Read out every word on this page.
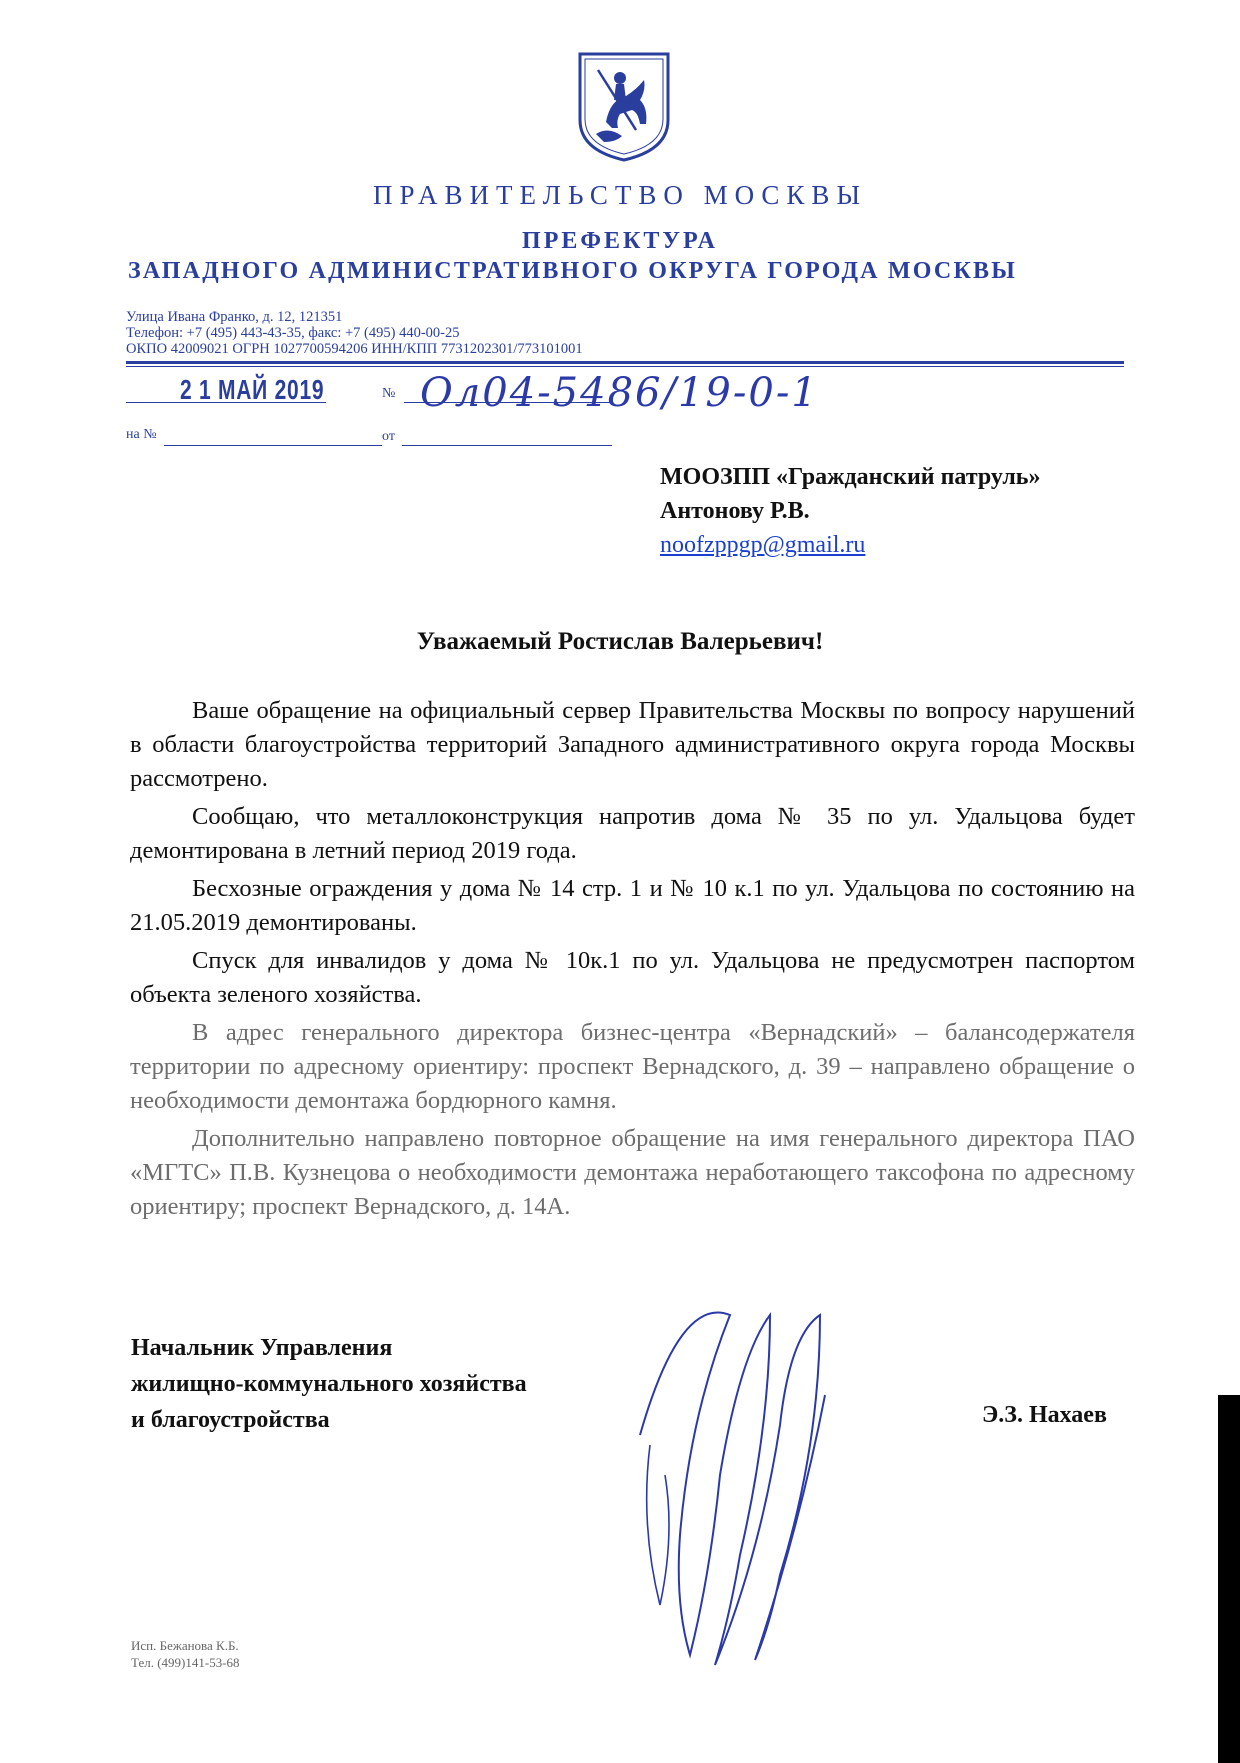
ПРАВИТЕЛЬСТВО МОСКВЫ
ПРЕФЕКТУРА
ЗАПАДНОГО АДМИНИСТРАТИВНОГО ОКРУГА ГОРОДА МОСКВЫ
Улица Ивана Франко, д. 12, 121351
Телефон: +7 (495) 443-43-35, факс: +7 (495) 440-00-25
ОКПО 42009021 ОГРН 1027700594206 ИНН/КПП 7731202301/773101001
2 1 МАЙ 2019	№ Ол04-5486/19-0-1
на №	от
МООЗПП «Гражданский патруль»
Антонову Р.В.
noofzppgp@gmail.ru
Уважаемый Ростислав Валерьевич!

Ваше обращение на официальный сервер Правительства Москвы по вопросу нарушений в области благоустройства территорий Западного административного округа города Москвы рассмотрено.

Сообщаю, что металлоконструкция напротив дома № 35 по ул. Удальцова будет демонтирована в летний период 2019 года.

Бесхозные ограждения у дома № 14 стр. 1 и № 10 к.1 по ул. Удальцова по состоянию на 21.05.2019 демонтированы.

Спуск для инвалидов у дома № 10к.1 по ул. Удальцова не предусмотрен паспортом объекта зеленого хозяйства.

В адрес генерального директора бизнес-центра «Вернадский» – балансодержателя территории по адресному ориентиру: проспект Вернадского, д. 39 – направлено обращение о необходимости демонтажа бордюрного камня.

Дополнительно направлено повторное обращение на имя генерального директора ПАО «МГТС» П.В. Кузнецова о необходимости демонтажа неработающего таксофона по адресному ориентиру; проспект Вернадского, д. 14А.

Начальник Управления
жилищно-коммунального хозяйства
и благоустройства	Э.З. Нахаев
Исп. Бежанова К.Б.
Тел. (499)141-53-68
